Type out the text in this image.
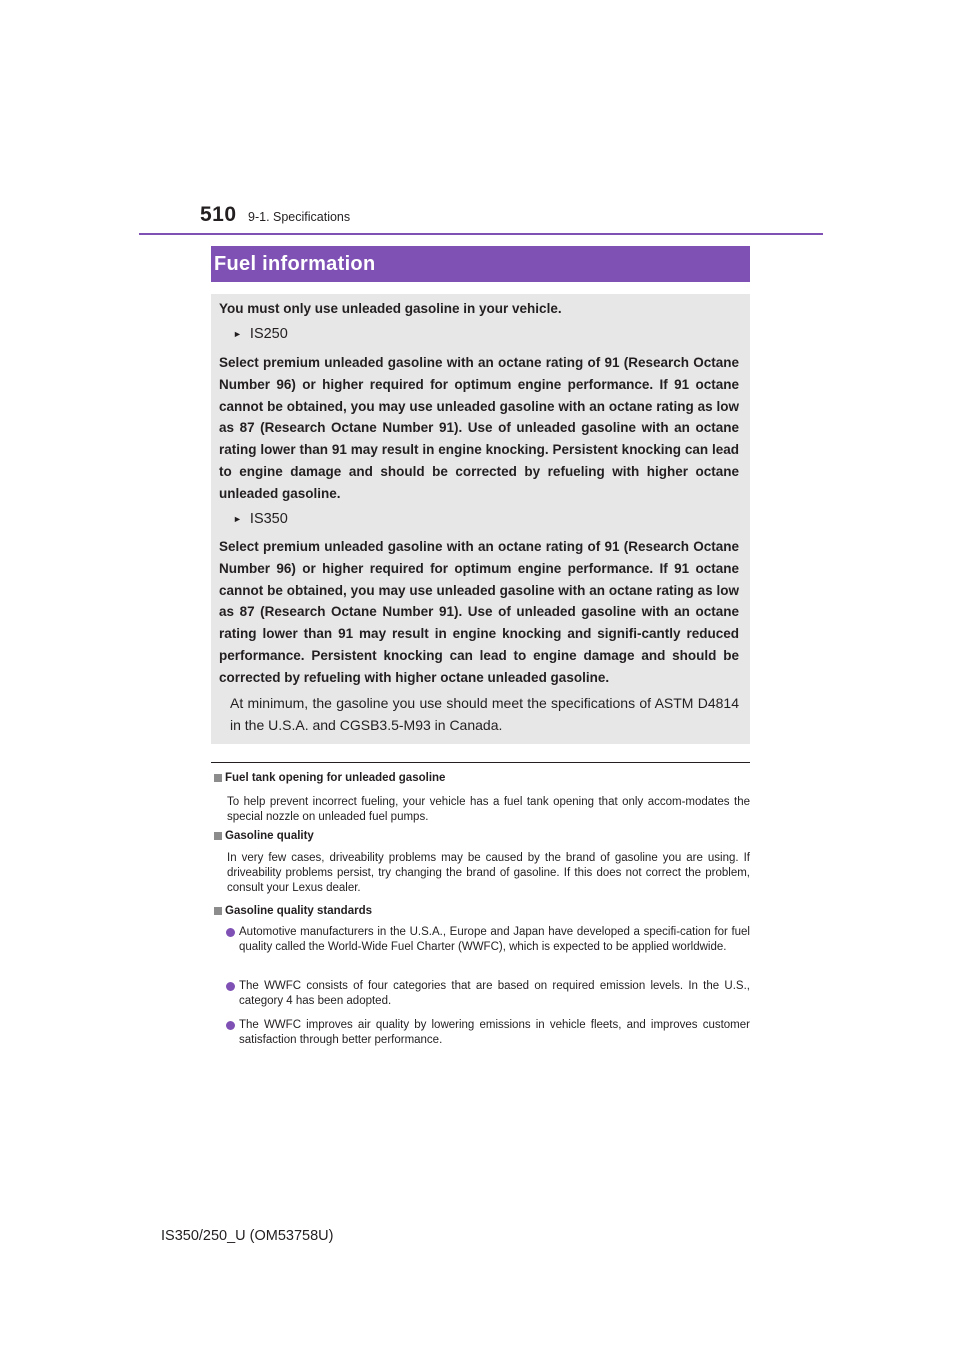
510 9-1. Specifications
Fuel information
You must only use unleaded gasoline in your vehicle.
► IS250
Select premium unleaded gasoline with an octane rating of 91 (Research Octane Number 96) or higher required for optimum engine performance. If 91 octane cannot be obtained, you may use unleaded gasoline with an octane rating as low as 87 (Research Octane Number 91). Use of unleaded gasoline with an octane rating lower than 91 may result in engine knocking. Persistent knocking can lead to engine damage and should be corrected by refueling with higher octane unleaded gasoline.
► IS350
Select premium unleaded gasoline with an octane rating of 91 (Research Octane Number 96) or higher required for optimum engine performance. If 91 octane cannot be obtained, you may use unleaded gasoline with an octane rating as low as 87 (Research Octane Number 91). Use of unleaded gasoline with an octane rating lower than 91 may result in engine knocking and signifi-cantly reduced performance. Persistent knocking can lead to engine damage and should be corrected by refueling with higher octane unleaded gasoline.
At minimum, the gasoline you use should meet the specifications of ASTM D4814 in the U.S.A. and CGSB3.5-M93 in Canada.
Fuel tank opening for unleaded gasoline
To help prevent incorrect fueling, your vehicle has a fuel tank opening that only accom-modates the special nozzle on unleaded fuel pumps.
Gasoline quality
In very few cases, driveability problems may be caused by the brand of gasoline you are using. If driveability problems persist, try changing the brand of gasoline. If this does not correct the problem, consult your Lexus dealer.
Gasoline quality standards
Automotive manufacturers in the U.S.A., Europe and Japan have developed a specifi-cation for fuel quality called the World-Wide Fuel Charter (WWFC), which is expected to be applied worldwide.
The WWFC consists of four categories that are based on required emission levels. In the U.S., category 4 has been adopted.
The WWFC improves air quality by lowering emissions in vehicle fleets, and improves customer satisfaction through better performance.
IS350/250_U (OM53758U)
